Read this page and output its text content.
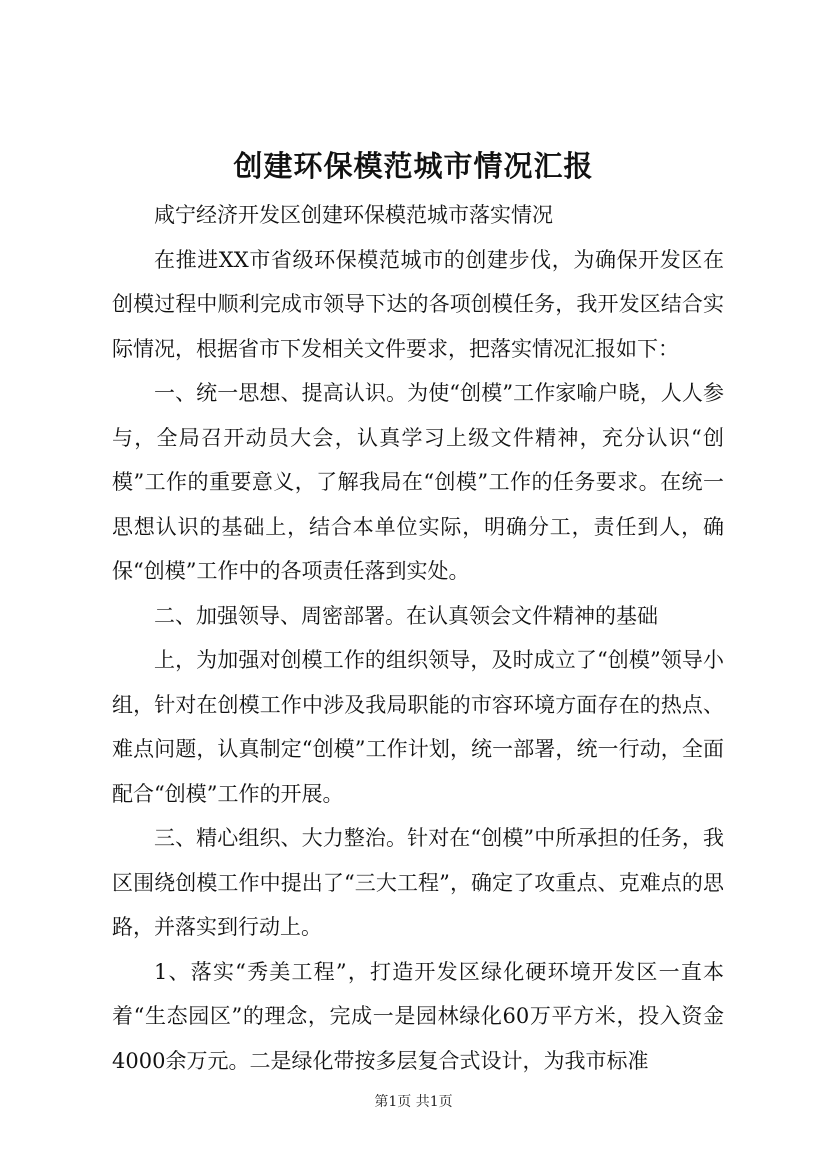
创建环保模范城市情况汇报

咸宁经济开发区创建环保模范城市落实情况

在推进XX市省级环保模范城市的创建步伐，为确保开发区在创模过程中顺利完成市领导下达的各项创模任务，我开发区结合实际情况，根据省市下发相关文件要求，把落实情况汇报如下：

一、统一思想、提高认识。为使“创模”工作家喻户晓，人人参与，全局召开动员大会，认真学习上级文件精神，充分认识“创模”工作的重要意义，了解我局在“创模”工作的任务要求。在统一思想认识的基础上，结合本单位实际，明确分工，责任到人，确保“创模”工作中的各项责任落到实处。

二、加强领导、周密部署。在认真领会文件精神的基础

上，为加强对创模工作的组织领导，及时成立了“创模”领导小组，针对在创模工作中涉及我局职能的市容环境方面存在的热点、难点问题，认真制定“创模”工作计划，统一部署，统一行动，全面配合“创模”工作的开展。

三、精心组织、大力整治。针对在“创模”中所承担的任务，我区围绕创模工作中提出了“三大工程”，确定了攻重点、克难点的思路，并落实到行动上。

1、落实“秀美工程”，打造开发区绿化硬环境开发区一直本着“生态园区”的理念，完成一是园林绿化60万平方米，投入资金4000余万元。二是绿化带按多层复合式设计，为我市标准

第1页 共1页
